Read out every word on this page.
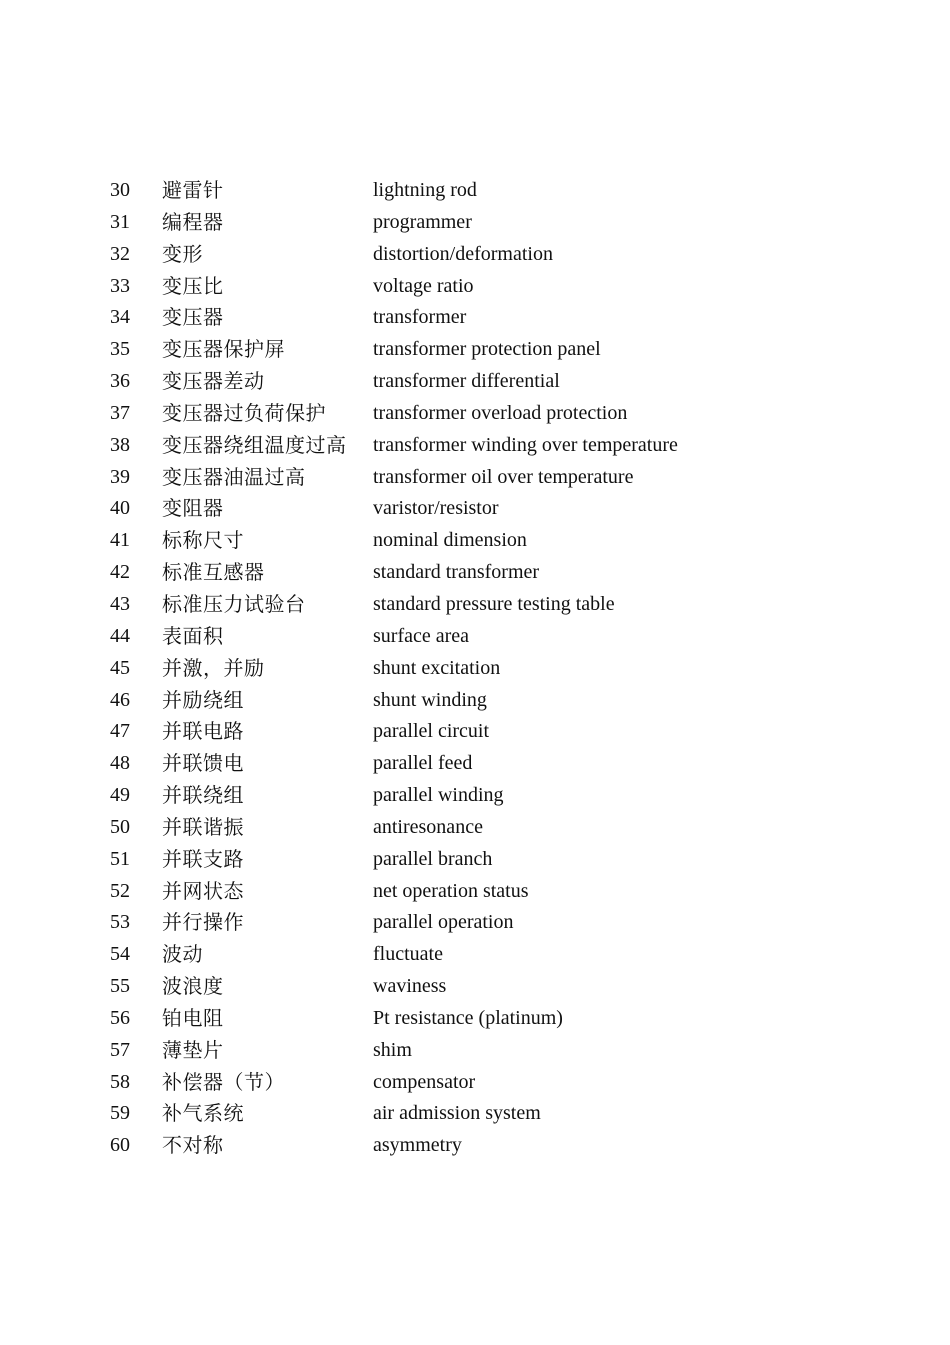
30	避雷针	lightning rod
31	编程器	programmer
32	变形	distortion/deformation
33	变压比	voltage ratio
34	变压器	transformer
35	变压器保护屏	transformer protection panel
36	变压器差动	transformer differential
37	变压器过负荷保护	transformer overload protection
38	变压器绕组温度过高	transformer winding over temperature
39	变压器油温过高	transformer oil over temperature
40	变阻器	varistor/resistor
41	标称尺寸	nominal dimension
42	标准互感器	standard transformer
43	标准压力试验台	standard pressure testing table
44	表面积	surface area
45	并激，并励	shunt excitation
46	并励绕组	shunt winding
47	并联电路	parallel circuit
48	并联馈电	parallel feed
49	并联绕组	parallel winding
50	并联谐振	antiresonance
51	并联支路	parallel branch
52	并网状态	net operation status
53	并行操作	parallel operation
54	波动	fluctuate
55	波浪度	waviness
56	铂电阻	Pt resistance (platinum)
57	薄垫片	shim
58	补偿器（节）	compensator
59	补气系统	air admission system
60	不对称	asymmetry
